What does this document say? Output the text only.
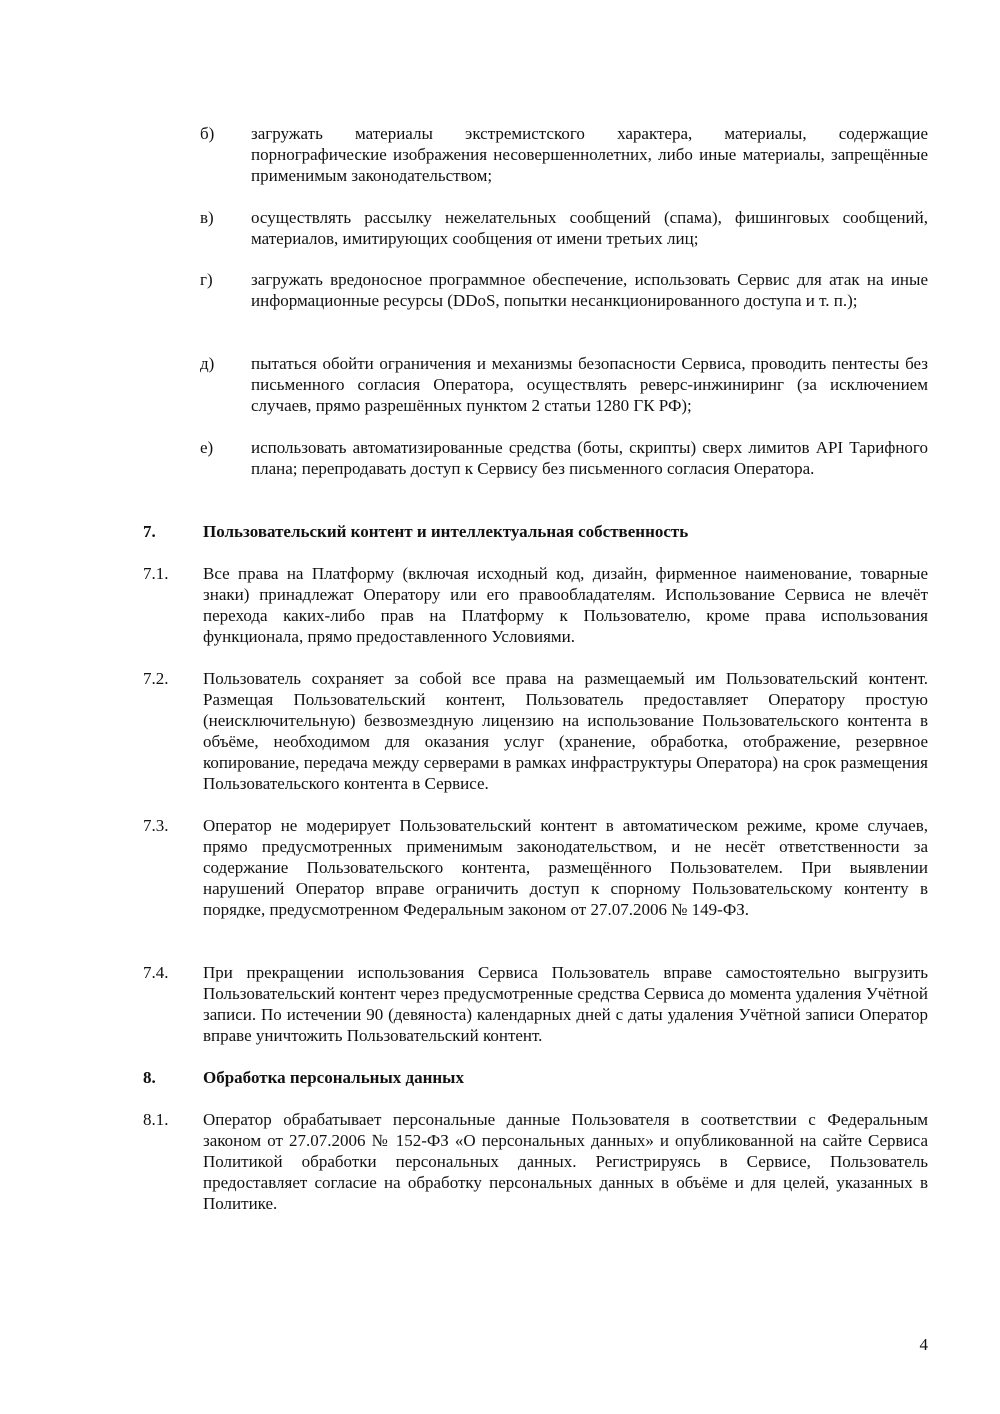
б) загружать материалы экстремистского характера, материалы, содержащие порнографические изображения несовершеннолетних, либо иные материалы, запрещённые применимым законодательством;
в) осуществлять рассылку нежелательных сообщений (спама), фишинговых сообщений, материалов, имитирующих сообщения от имени третьих лиц;
г) загружать вредоносное программное обеспечение, использовать Сервис для атак на иные информационные ресурсы (DDoS, попытки несанкционированного доступа и т. п.);
д) пытаться обойти ограничения и механизмы безопасности Сервиса, проводить пентесты без письменного согласия Оператора, осуществлять реверс-инжиниринг (за исключением случаев, прямо разрешённых пунктом 2 статьи 1280 ГК РФ);
е) использовать автоматизированные средства (боты, скрипты) сверх лимитов API Тарифного плана; перепродавать доступ к Сервису без письменного согласия Оператора.
7.	Пользовательский контент и интеллектуальная собственность
7.1. Все права на Платформу (включая исходный код, дизайн, фирменное наименование, товарные знаки) принадлежат Оператору или его правообладателям. Использование Сервиса не влечёт перехода каких-либо прав на Платформу к Пользователю, кроме права использования функционала, прямо предоставленного Условиями.
7.2. Пользователь сохраняет за собой все права на размещаемый им Пользовательский контент. Размещая Пользовательский контент, Пользователь предоставляет Оператору простую (неисключительную) безвозмездную лицензию на использование Пользовательского контента в объёме, необходимом для оказания услуг (хранение, обработка, отображение, резервное копирование, передача между серверами в рамках инфраструктуры Оператора) на срок размещения Пользовательского контента в Сервисе.
7.3. Оператор не модерирует Пользовательский контент в автоматическом режиме, кроме случаев, прямо предусмотренных применимым законодательством, и не несёт ответственности за содержание Пользовательского контента, размещённого Пользователем. При выявлении нарушений Оператор вправе ограничить доступ к спорному Пользовательскому контенту в порядке, предусмотренном Федеральным законом от 27.07.2006 № 149-ФЗ.
7.4. При прекращении использования Сервиса Пользователь вправе самостоятельно выгрузить Пользовательский контент через предусмотренные средства Сервиса до момента удаления Учётной записи. По истечении 90 (девяноста) календарных дней с даты удаления Учётной записи Оператор вправе уничтожить Пользовательский контент.
8.	Обработка персональных данных
8.1. Оператор обрабатывает персональные данные Пользователя в соответствии с Федеральным законом от 27.07.2006 № 152-ФЗ «О персональных данных» и опубликованной на сайте Сервиса Политикой обработки персональных данных. Регистрируясь в Сервисе, Пользователь предоставляет согласие на обработку персональных данных в объёме и для целей, указанных в Политике.
4
